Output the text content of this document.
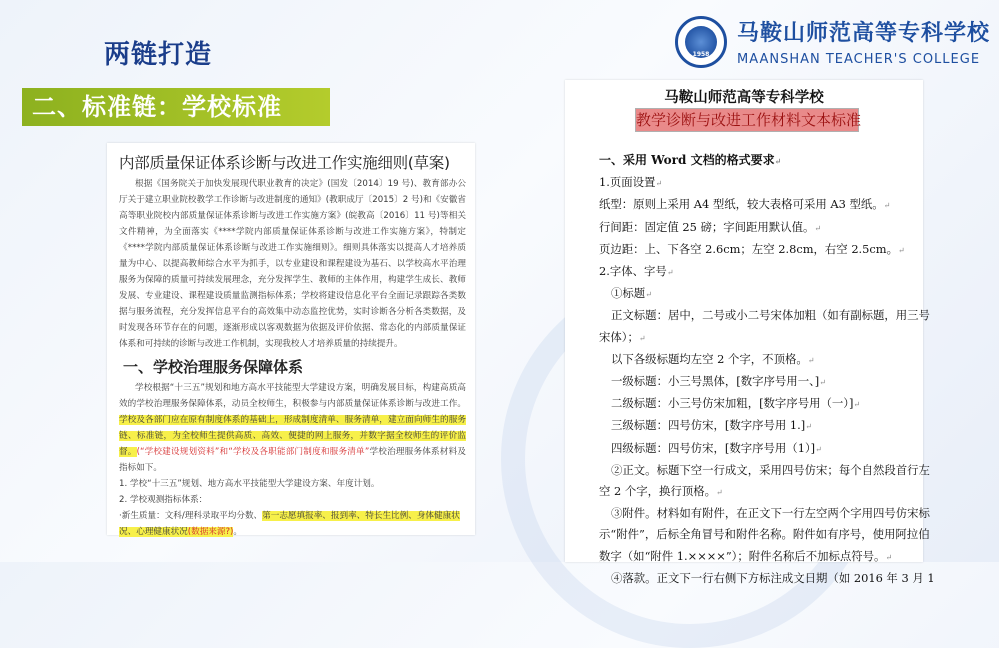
两链打造
二、标准链：学校标准
1958
马鞍山师范高等专科学校
MAANSHAN TEACHER'S COLLEGE
内部质量保证体系诊断与改进工作实施细则(草案)
根据《国务院关于加快发展现代职业教育的决定》(国发〔2014〕19 号)、教育部办公厅关于建立职业院校教学工作诊断与改进制度的通知》(教职成厅〔2015〕2 号)和《安徽省高等职业院校内部质量保证体系诊断与改进工作实施方案》(皖教高〔2016〕11 号)等相关文件精神，为全面落实《****学院内部质量保证体系诊断与改进工作实施方案》，特制定《****学院内部质量保证体系诊断与改进工作实施细则》。细则具体落实以提高人才培养质量为中心、以提高教师综合水平为抓手，以专业建设和课程建设为基石、以学校高水平治理服务为保障的质量可持续发展理念，充分发挥学生、教师的主体作用，构建学生成长、教师发展、专业建设、课程建设质量监测指标体系；学校将建设信息化平台全面记录跟踪各类数据与服务流程，充分发挥信息平台的高效集中动态监控优势，实时诊断各分析各类数据，及时发现各环节存在的问题，逐渐形成以客观数据为依据及评价依据、常态化的内部质量保证体系和可持续的诊断与改进工作机制，实现我校人才培养质量的持续提升。
一、学校治理服务保障体系
学校根据“十三五”规划和地方高水平技能型大学建设方案，明确发展目标，构建高质高效的学校治理服务保障体系，动员全校师生，积极参与内部质量保证体系诊断与改进工作。学校及各部门应在原有制度体系的基础上，形成制度清单、服务清单，建立面向师生的服务链、标准链，为全校师生提供高质、高效、便捷的网上服务，并数字据全校师生的评价监督。(“学校建设规划资料”和“学校及各职能部门制度和服务清单”学校治理服务体系材料及指标如下。
1. 学校“十三五”规划、地方高水平技能型大学建设方案、年度计划。
2. 学校观测指标体系：
·新生质量：文科/理科录取平均分数、第一志愿填报率、报到率、特长生比例、身体健康状况、心理健康状况(数据来源?)。
马鞍山师范高等专科学校
教学诊断与改进工作材料文本标准
一、采用 Word 文档的格式要求↵
1.页面设置↵
纸型：原则上采用 A4 型纸，较大表格可采用 A3 型纸。↵
行间距：固定值 25 磅；字间距用默认值。↵
页边距：上、下各空 2.6cm；左空 2.8cm，右空 2.5cm。↵
2.字体、字号↵
①标题↵
正文标题：居中，二号或小二号宋体加粗（如有副标题，用三号
宋体）；↵
以下各级标题均左空 2 个字，不顶格。↵
一级标题：小三号黑体，[数字序号用一、]↵
二级标题：小三号仿宋加粗，[数字序号用（一）]↵
三级标题：四号仿宋，[数字序号用 1.]↵
四级标题：四号仿宋，[数字序号用（1）]↵
②正文。标题下空一行成文，采用四号仿宋；每个自然段首行左
空 2 个字，换行顶格。↵
③附件。材料如有附件，在正文下一行左空两个字用四号仿宋标
示“附件”，后标全角冒号和附件名称。附件如有序号，使用阿拉伯
数字（如“附件 1.××××”）；附件名称后不加标点符号。↵
④落款。正文下一行右侧下方标注成文日期（如 2016 年 3 月 1
